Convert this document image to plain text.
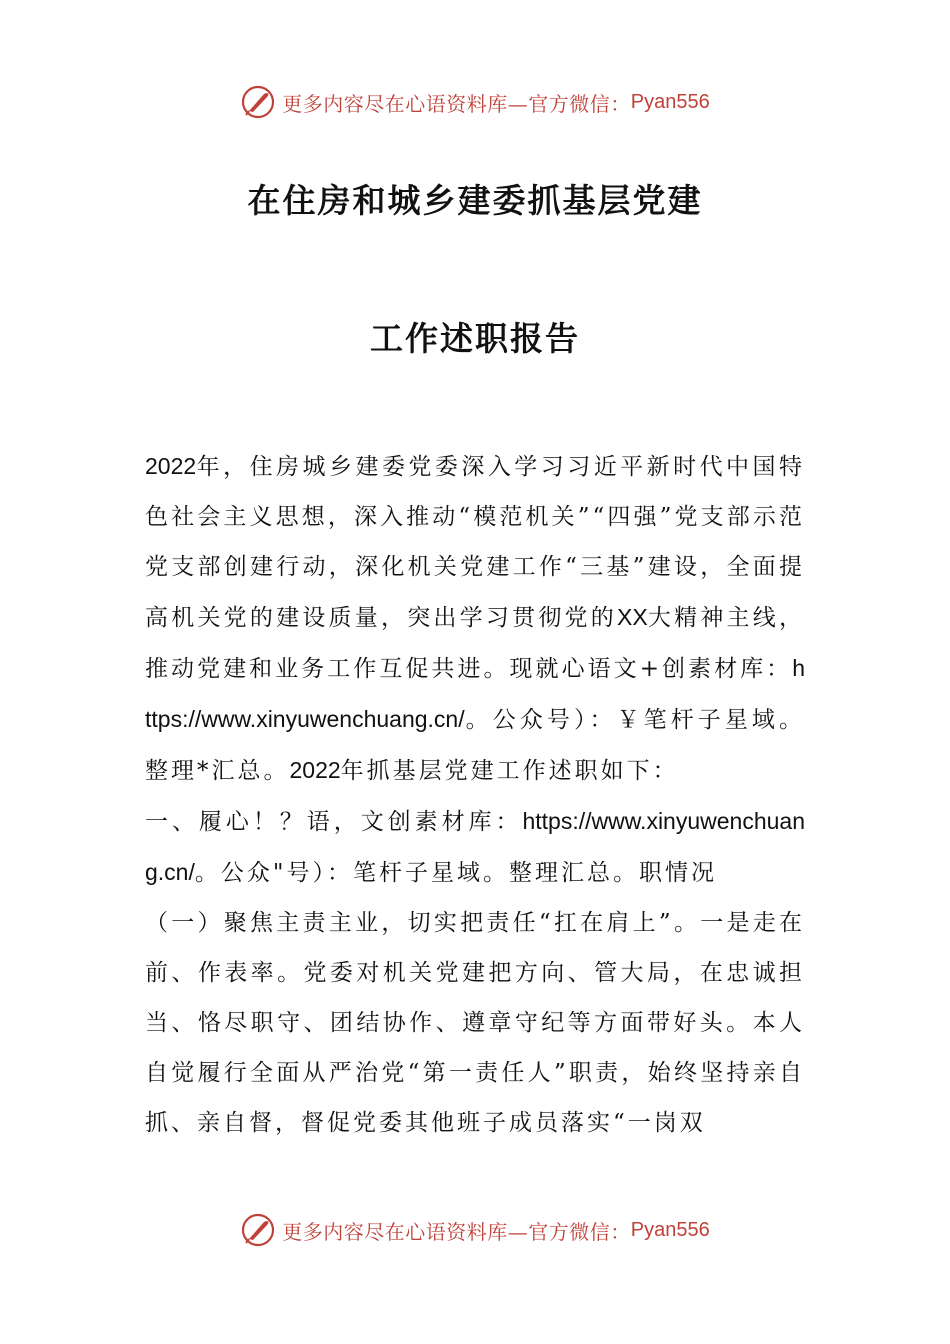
更多内容尽在心语资料库—官方微信： Pyan556
在住房和城乡建委抓基层党建
工作述职报告

2022年，住房城乡建委党委深入学习习近平新时代中国特色社会主义思想，深入推动“模范机关”“四强”党支部示范党支部创建行动，深化机关党建工作“三基”建设，全面提高机关党的建设质量，突出学习贯彻党的XX大精神主线，推动党建和业务工作互促共进。现就心语文+创素材库：https://www.xinyuwenchuang.cn/。公众号）：￥笔杆子星域。整理*汇总。2022年抓基层党建工作述职如下：

一、履心！？语，文创素材库：https://www.xinyuwenchuang.cn/。公众"号）：笔杆子星域。整理汇总。职情况

（一）聚焦主责主业，切实把责任“扛在肩上”。一是走在前、作表率。党委对机关党建把方向、管大局，在忠诚担当、恪尽职守、团结协作、遵章守纪等方面带好头。本人自觉履行全面从严治党“第一责任人”职责，始终坚持亲自抓、亲自督，督促党委其他班子成员落实“一岗双

更多内容尽在心语资料库—官方微信： Pyan556
